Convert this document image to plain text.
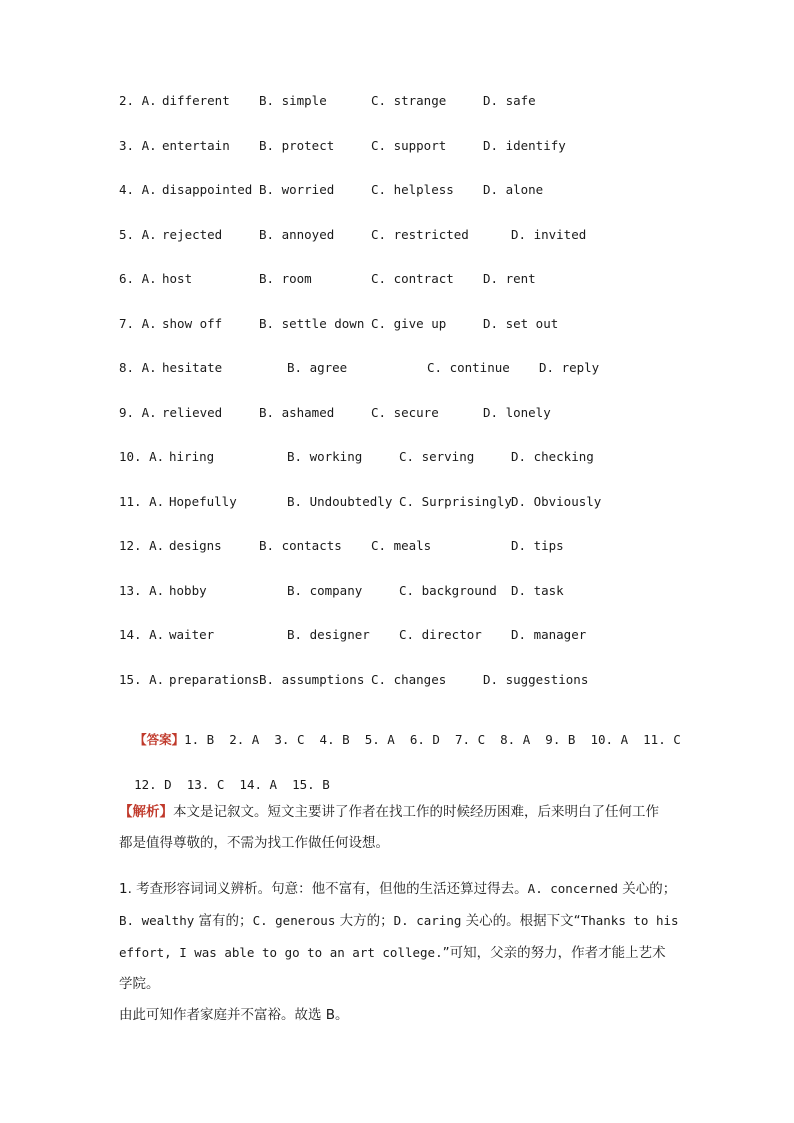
2. A. different B. simple	C. strange	D. safe
3. A. entertain B. protect	C. support	D. identify
4. A. disappointed B. worried	C. helpless D. alone
5. A. rejected	B. annoyed	C. restricted	D. invited
6. A. host	B. room	C. contract D. rent
7. A. show off	B. settle down C. give up	D. set out
8. A. hesitate	B. agree	C. continue D. reply
9. A. relieved	B. ashamed	C. secure	D. lonely
10. A. hiring	B. working	C. serving	D. checking
11. A. Hopefully	B. Undoubtedly C. Surprisingly D. Obviously
12. A. designs	B. contacts C. meals	D. tips
13. A. hobby	B. company	C. background D. task
14. A. waiter	B. designer C. director D. manager
15. A. preparations B. assumptions C. changes	D. suggestions

【答案】1. B  2. A  3. C  4. B  5. A  6. D  7. C  8. A  9. B  10. A  11. C

12. D  13. C  14. A  15. B

【解析】本文是记叙文。短文主要讲了作者在找工作的时候经历困难，后来明白了任何工作
都是值得尊敬的，不需为找工作做任何设想。
1. 考查形容词词义辨析。句意：他不富有，但他的生活还算过得去。A. concerned 关心的；
B. wealthy 富有的；C. generous 大方的；D. caring 关心的。根据下文“Thanks to his
effort, I was able to go to an art college.”可知，父亲的努力，作者才能上艺术学院。
由此可知作者家庭并不富裕。故选 B。
